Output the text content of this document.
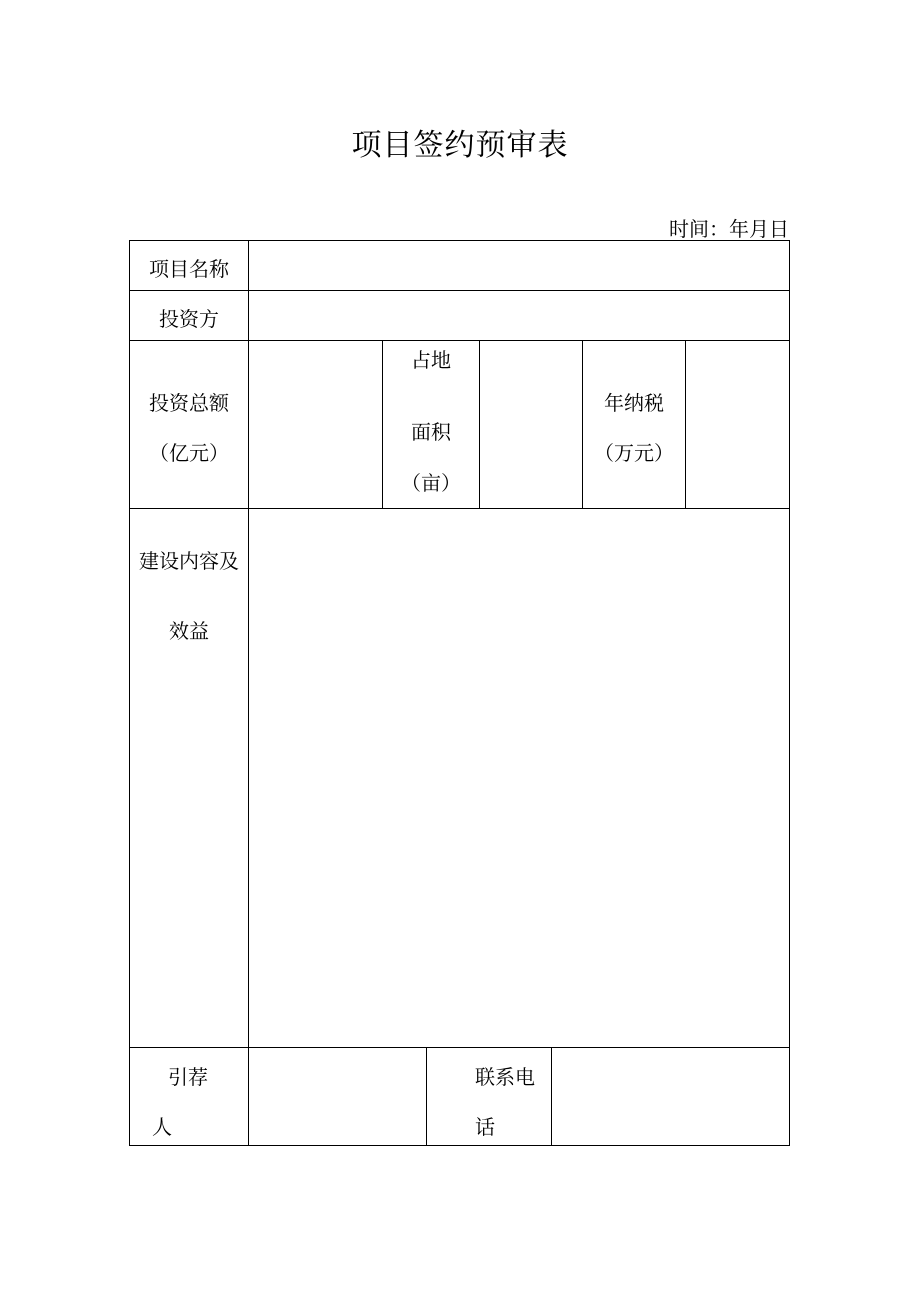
项目签约预审表
时间：年月日
项目名称
投资方
投资总额
（亿元）
占地
面积
（亩）
年纳税
（万元）
建设内容及
效益
引荐
人
联系电
话
